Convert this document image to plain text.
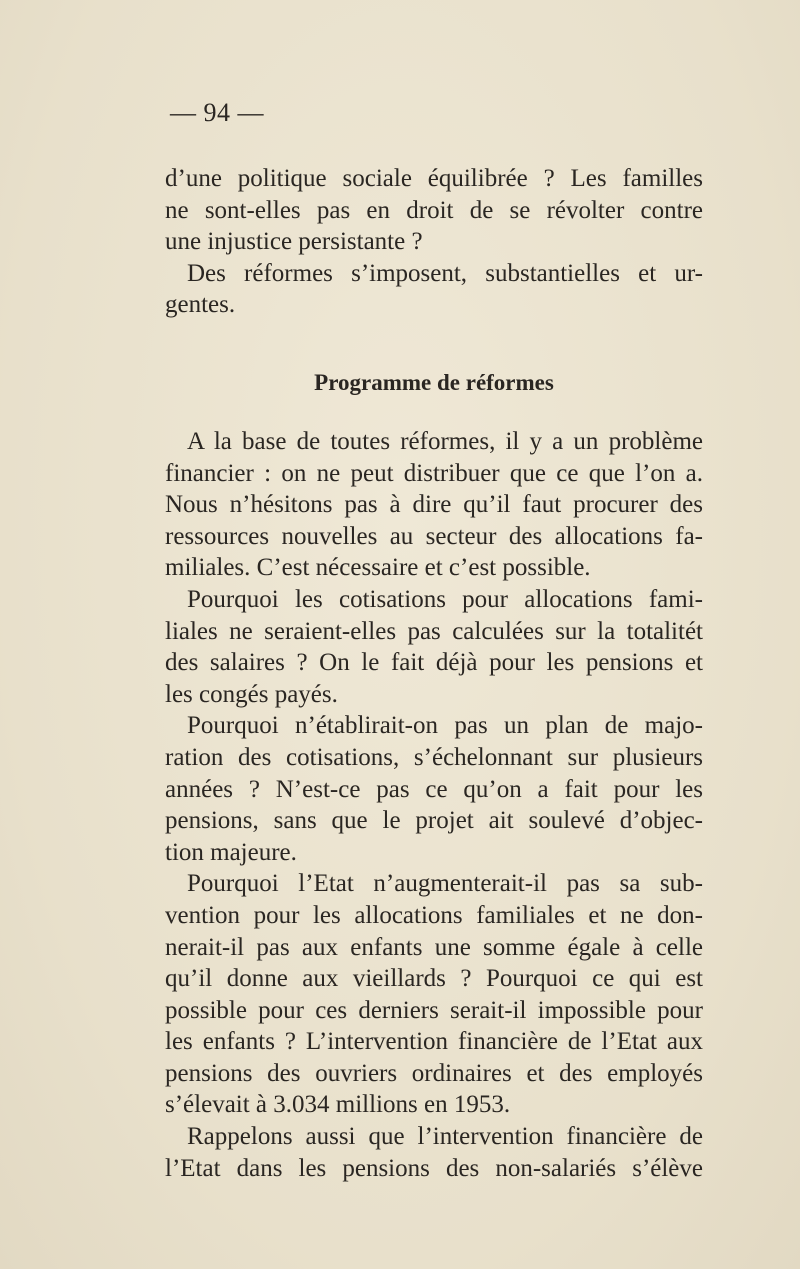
— 94 —
d’une politique sociale équilibrée ? Les familles
ne sont-elles pas en droit de se révolter contre
une injustice persistante ?
Des réformes s’imposent, substantielles et ur-
gentes.
Programme de réformes
A la base de toutes réformes, il y a un problème
financier : on ne peut distribuer que ce que l’on a.
Nous n’hésitons pas à dire qu’il faut procurer des
ressources nouvelles au secteur des allocations fa-
miliales. C’est nécessaire et c’est possible.
Pourquoi les cotisations pour allocations fami-
liales ne seraient-elles pas calculées sur la totalitét
des salaires ? On le fait déjà pour les pensions et
les congés payés.
Pourquoi n’établirait-on pas un plan de majo-
ration des cotisations, s’échelonnant sur plusieurs
années ? N’est-ce pas ce qu’on a fait pour les
pensions, sans que le projet ait soulevé d’objec-
tion majeure.
Pourquoi l’Etat n’augmenterait-il pas sa sub-
vention pour les allocations familiales et ne don-
nerait-il pas aux enfants une somme égale à celle
qu’il donne aux vieillards ? Pourquoi ce qui est
possible pour ces derniers serait-il impossible pour
les enfants ? L’intervention financière de l’Etat aux
pensions des ouvriers ordinaires et des employés
s’élevait à 3.034 millions en 1953.
Rappelons aussi que l’intervention financière de
l’Etat dans les pensions des non-salariés s’élève
